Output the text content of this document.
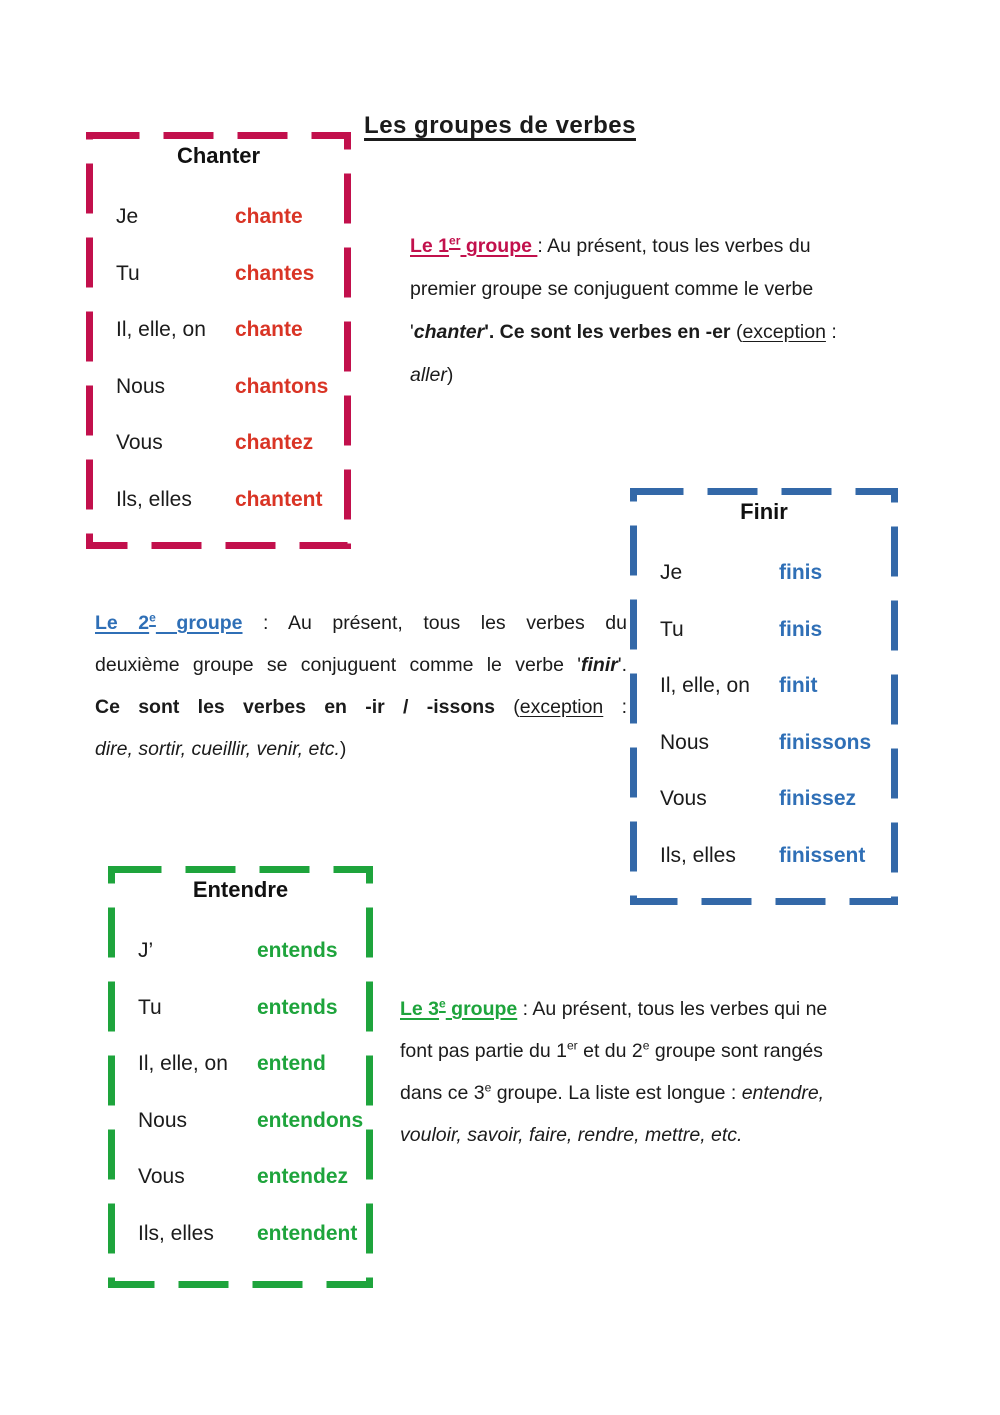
Les groupes de verbes
Chanter
Je	chante
Tu	chantes
Il, elle, on	chante
Nous	chantons
Vous	chantez
Ils, elles	chantent
Le 1er groupe : Au présent, tous les verbes du
premier groupe se conjuguent comme le verbe
'chanter'. Ce sont les verbes en -er (exception :
aller)
Finir
Je	finis
Tu	finis
Il, elle, on	finit
Nous	finissons
Vous	finissez
Ils, elles	finissent
Le 2e groupe : Au présent, tous les verbes du
deuxième groupe se conjuguent comme le verbe 'finir'.
Ce sont les verbes en -ir / -issons (exception :
dire, sortir, cueillir, venir, etc.)
Entendre
J’	entends
Tu	entends
Il, elle, on	entend
Nous	entendons
Vous	entendez
Ils, elles	entendent
Le 3e groupe : Au présent, tous les verbes qui ne
font pas partie du 1er et du 2e groupe sont rangés
dans ce 3e groupe. La liste est longue : entendre,
vouloir, savoir, faire, rendre, mettre, etc.
